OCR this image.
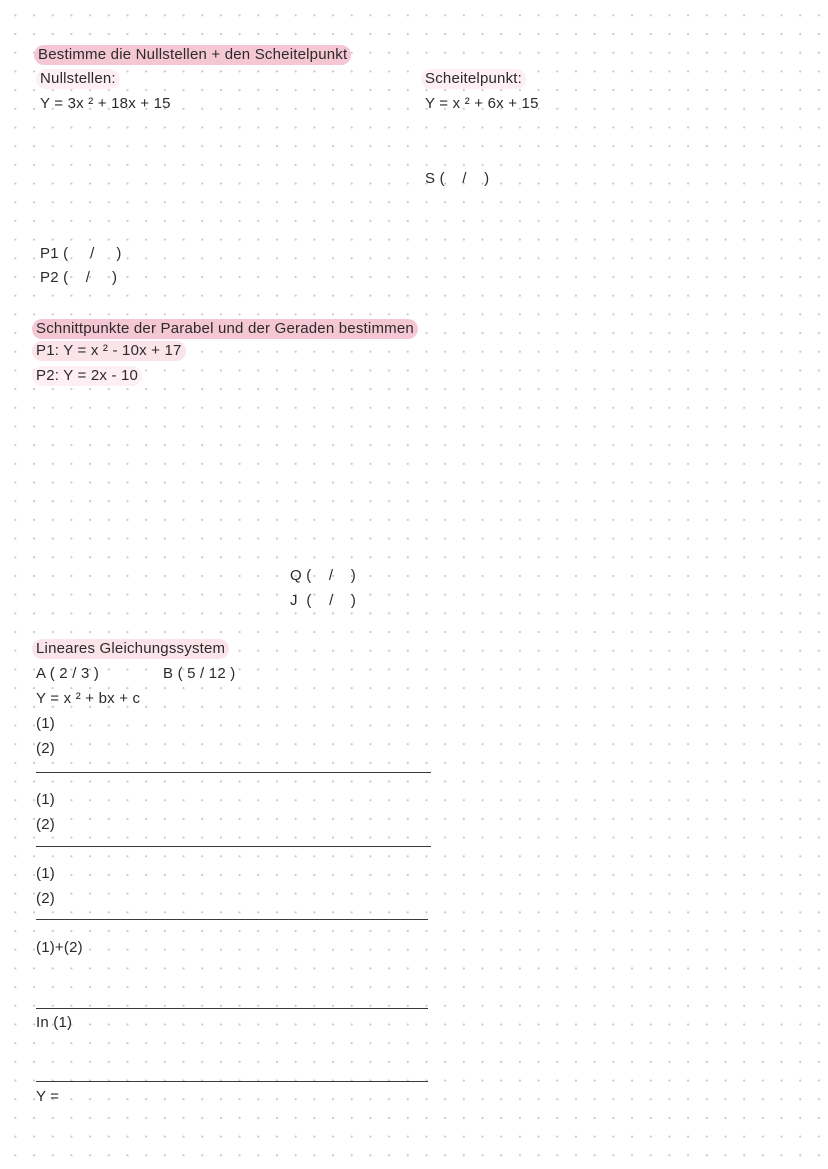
Bestimme die Nullstellen + den Scheitelpunkt
Nullstellen:
Y = 3x ² + 18x + 15
Scheitelpunkt:
Y = x ² + 6x + 15
S (    /    )
P1 (     /     )
P2 (    /     )
Schnittpunkte der Parabel und der Geraden bestimmen
P1: Y = x ² - 10x + 17
P2: Y = 2x - 10
Q (    /    )
J  (    /    )
Lineares Gleichungssystem
A ( 2 / 3 )	B ( 5 / 12 )
Y = x ² + bx + c
(1)
(2)
(1)
(2)
(1)
(2)
(1)+(2)
In (1)
Y =
